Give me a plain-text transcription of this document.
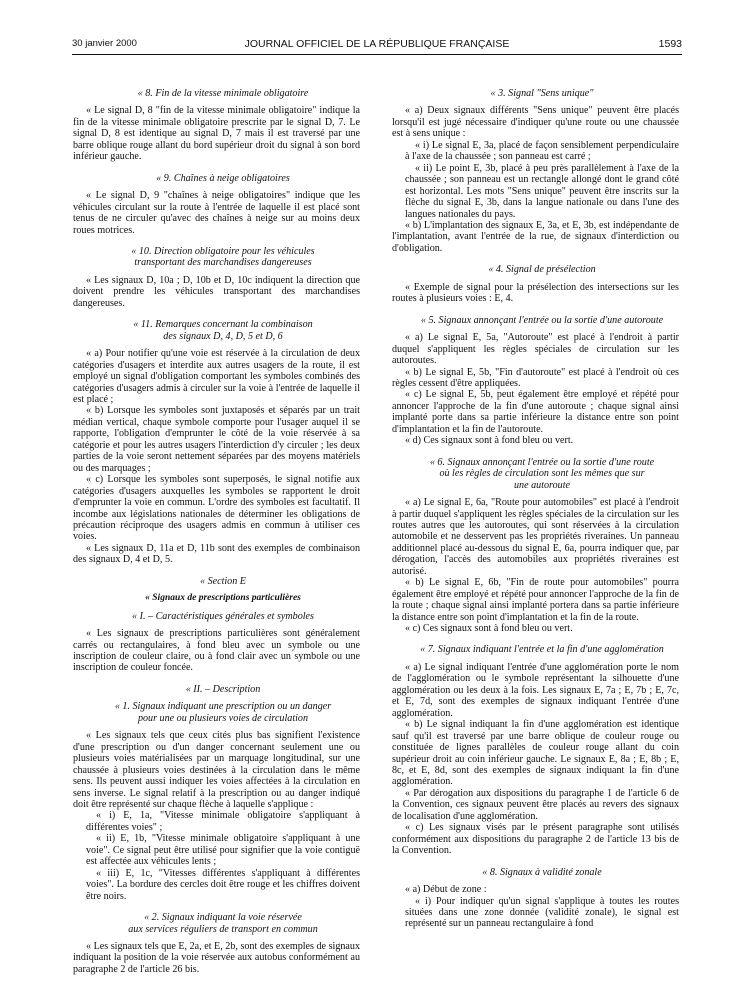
30 janvier 2000	JOURNAL OFFICIEL DE LA RÉPUBLIQUE FRANÇAISE	1593

« 8. Fin de la vitesse minimale obligatoire

« Le signal D, 8 "fin de la vitesse minimale obligatoire" indique la fin de la vitesse minimale obligatoire prescrite par le signal D, 7. Le signal D, 8 est identique au signal D, 7 mais il est traversé par une barre oblique rouge allant du bord supérieur droit du signal à son bord inférieur gauche.

« 9. Chaînes à neige obligatoires

« Le signal D, 9 "chaînes à neige obligatoires" indique que les véhicules circulant sur la route à l'entrée de laquelle il est placé sont tenus de ne circuler qu'avec des chaînes à neige sur au moins deux roues motrices.

« 10. Direction obligatoire pour les véhicules

transportant des marchandises dangereuses

« Les signaux D, 10a ; D, 10b et D, 10c indiquent la direction que doivent prendre les véhicules transportant des marchandises dangereuses.

« 11. Remarques concernant la combinaison

des signaux D, 4, D, 5 et D, 6

« a) Pour notifier qu'une voie est réservée à la circulation de deux catégories d'usagers et interdite aux autres usagers de la route, il est employé un signal d'obligation comportant les symboles combinés des catégories d'usagers admis à circuler sur la voie à l'entrée de laquelle il est placé ;

« b) Lorsque les symboles sont juxtaposés et séparés par un trait médian vertical, chaque symbole comporte pour l'usager auquel il se rapporte, l'obligation d'emprunter le côté de la voie réservée à sa catégorie et pour les autres usagers l'interdiction d'y circuler ; les deux parties de la voie seront nettement séparées par des moyens matériels ou des marquages ;

« c) Lorsque les symboles sont superposés, le signal notifie aux catégories d'usagers auxquelles les symboles se rapportent le droit d'emprunter la voie en commun. L'ordre des symboles est facultatif. Il incombe aux législations nationales de déterminer les obligations de précaution réciproque des usagers admis en commun à utiliser ces voies.

« Les signaux D, 11a et D, 11b sont des exemples de combinaison des signaux D, 4 et D, 5.

« Section E

« Signaux de prescriptions particulières

« I. – Caractéristiques générales et symboles

« Les signaux de prescriptions particulières sont généralement carrés ou rectangulaires, à fond bleu avec un symbole ou une inscription de couleur claire, ou à fond clair avec un symbole ou une inscription de couleur foncée.

« II. – Description

« 1. Signaux indiquant une prescription ou un danger

pour une ou plusieurs voies de circulation

« Les signaux tels que ceux cités plus bas signifient l'existence d'une prescription ou d'un danger concernant seulement une ou plusieurs voies matérialisées par un marquage longitudinal, sur une chaussée à plusieurs voies destinées à la circulation dans le même sens. Ils peuvent aussi indiquer les voies affectées à la circulation en sens inverse. Le signal relatif à la prescription ou au danger indiqué doit être représenté sur chaque flèche à laquelle s'applique :

« i) E, 1a, "Vitesse minimale obligatoire s'appliquant à différentes voies" ;

« ii) E, 1b, "Vitesse minimale obligatoire s'appliquant à une voie". Ce signal peut être utilisé pour signifier que la voie contiguë est affectée aux véhicules lents ;

« iii) E, 1c, "Vitesses différentes s'appliquant à différentes voies". La bordure des cercles doit être rouge et les chiffres doivent être noirs.

« 2. Signaux indiquant la voie réservée

aux services réguliers de transport en commun

« Les signaux tels que E, 2a, et E, 2b, sont des exemples de signaux indiquant la position de la voie réservée aux autobus conformément au paragraphe 2 de l'article 26 bis.

« 3. Signal "Sens unique"

« a) Deux signaux différents "Sens unique" peuvent être placés lorsqu'il est jugé nécessaire d'indiquer qu'une route ou une chaussée est à sens unique :

« i) Le signal E, 3a, placé de façon sensiblement perpendiculaire à l'axe de la chaussée ; son panneau est carré ;

« ii) Le point E, 3b, placé à peu près parallèlement à l'axe de la chaussée ; son panneau est un rectangle allongé dont le grand côté est horizontal. Les mots "Sens unique" peuvent être inscrits sur la flèche du signal E, 3b, dans la langue nationale ou dans l'une des langues nationales du pays.

« b) L'implantation des signaux E, 3a, et E, 3b, est indépendante de l'implantation, avant l'entrée de la rue, de signaux d'interdiction ou d'obligation.

« 4. Signal de présélection

« Exemple de signal pour la présélection des intersections sur les routes à plusieurs voies : E, 4.

« 5. Signaux annonçant l'entrée ou la sortie d'une autoroute

« a) Le signal E, 5a, "Autoroute" est placé à l'endroit à partir duquel s'appliquent les règles spéciales de circulation sur les autoroutes.

« b) Le signal E, 5b, "Fin d'autoroute" est placé à l'endroit où ces règles cessent d'être appliquées.

« c) Le signal E, 5b, peut également être employé et répété pour annoncer l'approche de la fin d'une autoroute ; chaque signal ainsi implanté porte dans sa partie inférieure la distance entre son point d'implantation et la fin de l'autoroute.

« d) Ces signaux sont à fond bleu ou vert.

« 6. Signaux annonçant l'entrée ou la sortie d'une route

où les règles de circulation sont les mêmes que sur

une autoroute

« a) Le signal E, 6a, "Route pour automobiles" est placé à l'endroit à partir duquel s'appliquent les règles spéciales de la circulation sur les routes autres que les autoroutes, qui sont réservées à la circulation automobile et ne desservent pas les propriétés riveraines. Un panneau additionnel placé au-dessous du signal E, 6a, pourra indiquer que, par dérogation, l'accès des automobiles aux propriétés riveraines est autorisé.

« b) Le signal E, 6b, "Fin de route pour automobiles" pourra également être employé et répété pour annoncer l'approche de la fin de la route ; chaque signal ainsi implanté portera dans sa partie inférieure la distance entre son point d'implantation et la fin de la route.

« c) Ces signaux sont à fond bleu ou vert.

« 7. Signaux indiquant l'entrée et la fin d'une agglomération

« a) Le signal indiquant l'entrée d'une agglomération porte le nom de l'agglomération ou le symbole représentant la silhouette d'une agglomération ou les deux à la fois. Les signaux E, 7a ; E, 7b ; E, 7c, et E, 7d, sont des exemples de signaux indiquant l'entrée d'une agglomération.

« b) Le signal indiquant la fin d'une agglomération est identique sauf qu'il est traversé par une barre oblique de couleur rouge ou constituée de lignes parallèles de couleur rouge allant du coin supérieur droit au coin inférieur gauche. Le signaux E, 8a ; E, 8b ; E, 8c, et E, 8d, sont des exemples de signaux indiquant la fin d'une agglomération.

« Par dérogation aux dispositions du paragraphe 1 de l'article 6 de la Convention, ces signaux peuvent être placés au revers des signaux de localisation d'une agglomération.

« c) Les signaux visés par le présent paragraphe sont utilisés conformément aux dispositions du paragraphe 2 de l'article 13 bis de la Convention.

« 8. Signaux à validité zonale

« a) Début de zone :

« i) Pour indiquer qu'un signal s'applique à toutes les routes situées dans une zone donnée (validité zonale), le signal est représenté sur un panneau rectangulaire à fond
